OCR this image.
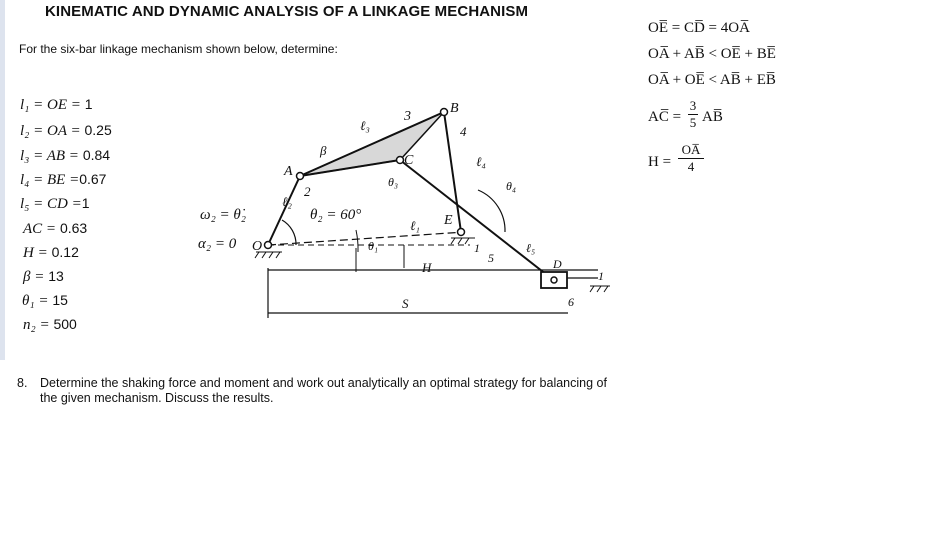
KINEMATIC AND DYNAMIC ANALYSIS OF A LINKAGE MECHANISM
For the six-bar linkage mechanism shown below, determine:
l₁ = OE = 1
l₂ = OA = 0.25
l₃ = AB = 0.84
l₄ = BE =0.67
l₅ = CD =1
AC = 0.63
H = 0.12
β = 13
θ₁ = 15
n₂ = 500
ω₂ = θ̇₂
α₂ = 0
θ₂ = 60°
θ₁
θ₃	θ₄
O
A
B
C
D
E
β
1
1
2
3
4
5
6
ℓ₁
ℓ₂
ℓ₃
ℓ₄
ℓ₅
H
S
OE̅ = CD̅ = 4OA̅
OA̅ + AB̅ < OE̅ + BE̅
OA̅ + OE̅ < AB̅ + EB̅
AC̅ =
3
5 AB̅
H =
OA̅
4
8. Determine the shaking force and moment and work out analytically an optimal strategy for balancing of the given mechanism. Discuss the results.
